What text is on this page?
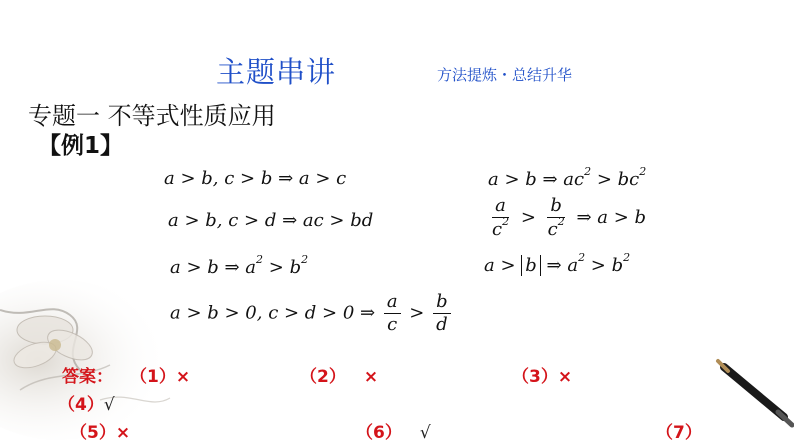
主题串讲	方法提炼・总结升华
专题一 不等式性质应用
【例1】
a > b, c > b ⇒ a > c	a > b ⇒ $ac^2 > bc^2$
a > b, c > d ⇒ ac > bd	$\frac{a}{c^2} > \frac{b}{c^2}$ ⇒ a > b
a > b ⇒ $a^2 > b^2$	a > b ⇒ $a^2 > b^2$
a > b > 0, c > d > 0 ⇒ $\frac{a}{c} > \frac{b}{d}$
答案： （1）×	（2） ×	（3）×
（4）√
（5）×	（6） √	（7）
